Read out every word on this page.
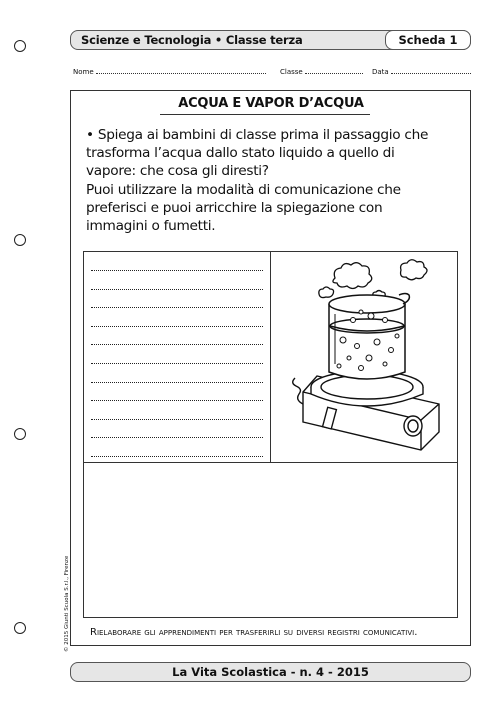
Scienze e Tecnologia • Classe terza	Scheda 1
Nome	Classe	Data
ACQUA E VAPOR D’ACQUA
• Spiega ai bambini di classe prima il passaggio che
trasforma l’acqua dallo stato liquido a quello di
vapore: che cosa gli diresti?
Puoi utilizzare la modalità di comunicazione che
preferisci e puoi arricchire la spiegazione con
immagini o fumetti.
Rielaborare gli apprendimenti per trasferirli su diversi registri comunicativi.
© 2015 Giunti Scuola S.r.l., Firenze
La Vita Scolastica - n. 4 - 2015
